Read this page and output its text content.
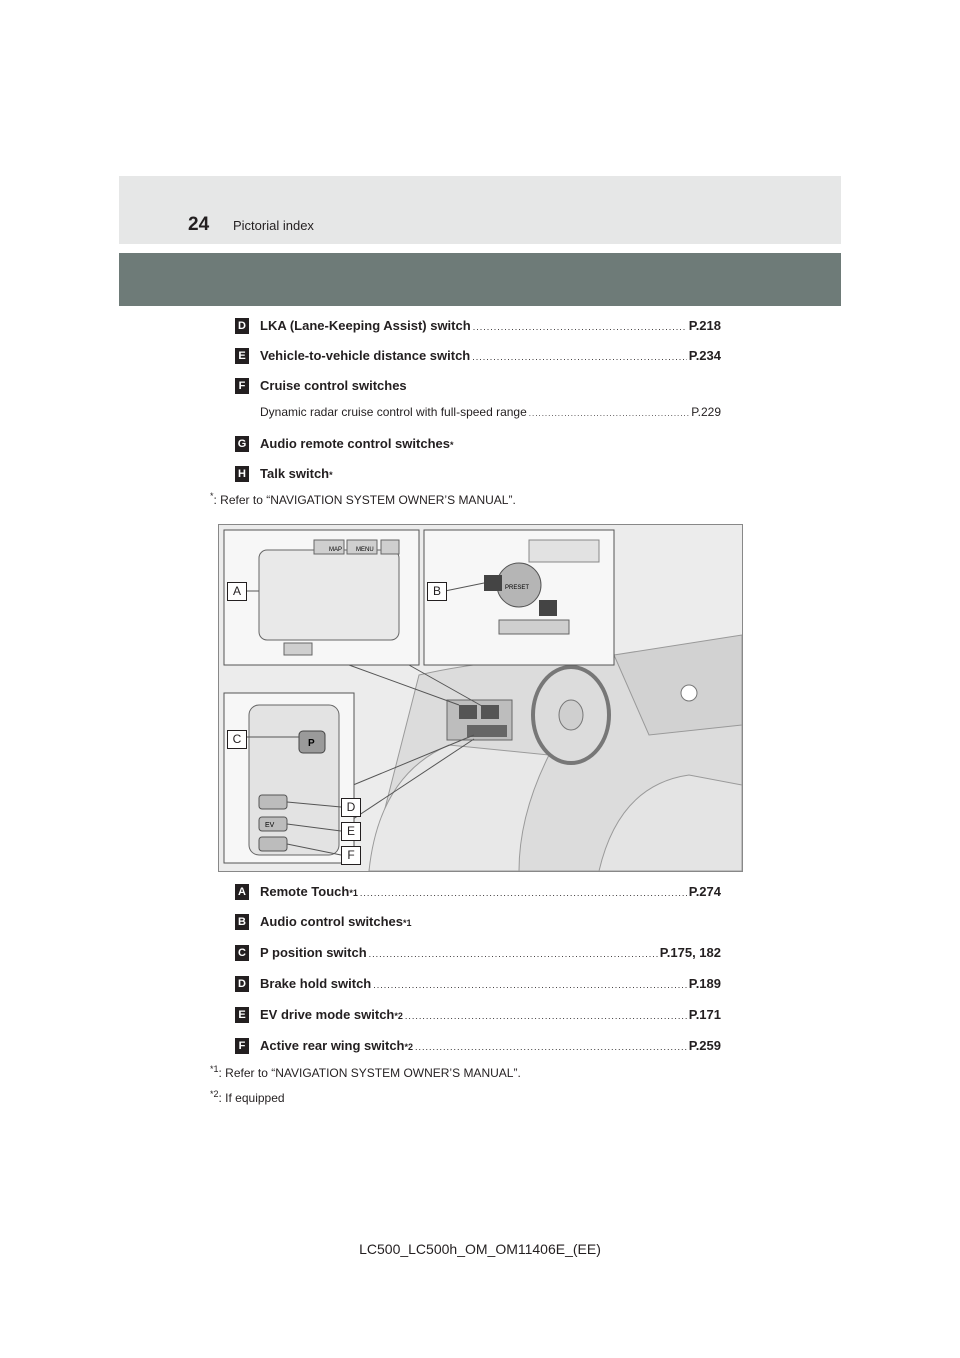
24 Pictorial index
D LKA (Lane-Keeping Assist) switch .....	P.218
E Vehicle-to-vehicle distance switch .....	P.234
F Cruise control switches
Dynamic radar cruise control with full-speed range .....	P.229
G Audio remote control switches *
H Talk switch *
*: Refer to “NAVIGATION SYSTEM OWNER’S MANUAL”.
MAP MENU
PRESET
P
EV
A	B
C
D
E
F
A Remote Touch *1 .....	P.274
B Audio control switches *1
C P position switch .....	P.175, 182
D Brake hold switch .....	P.189
E EV drive mode switch *2 .....	P.171
F Active rear wing switch *2 .....	P.259
$^{*1}$: Refer to “NAVIGATION SYSTEM OWNER’S MANUAL”.
$^{*2}$: If equipped
LC500_LC500h_OM_OM11406E_(EE)
